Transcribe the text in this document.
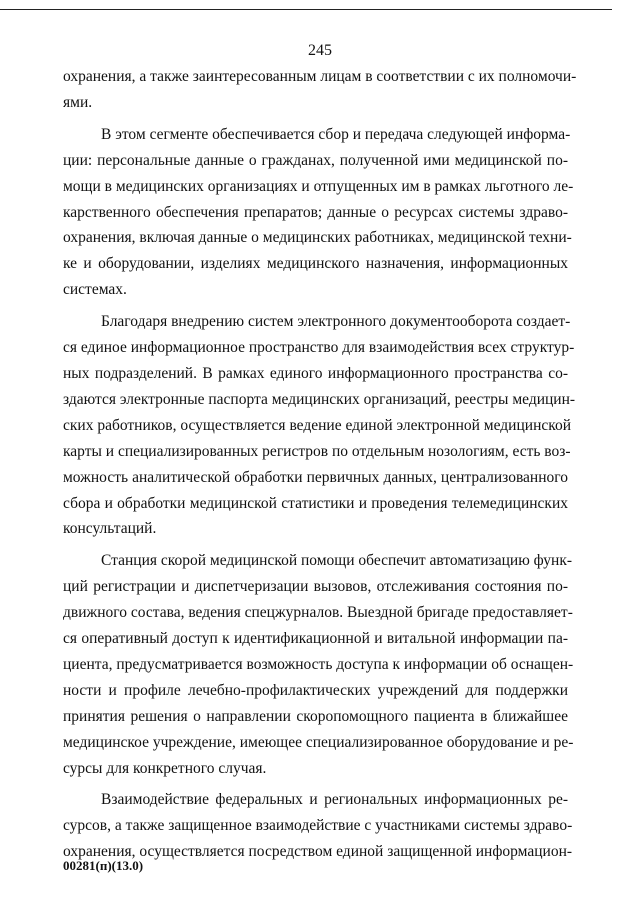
245

охранения, а также заинтересованным лицам в соответствии с их полномочи-
ями.

В этом сегменте обеспечивается сбор и передача следующей информа-
ции: персональные данные о гражданах, полученной ими медицинской по-
мощи в медицинских организациях и отпущенных им в рамках льготного ле-
карственного обеспечения препаратов; данные о ресурсах системы здраво-
охранения, включая данные о медицинских работниках, медицинской техни-
ке и оборудовании, изделиях медицинского назначения, информационных
системах.

Благодаря внедрению систем электронного документооборота создает-
ся единое информационное пространство для взаимодействия всех структур-
ных подразделений. В рамках единого информационного пространства со-
здаются электронные паспорта медицинских организаций, реестры медицин-
ских работников, осуществляется ведение единой электронной медицинской
карты и специализированных регистров по отдельным нозологиям, есть воз-
можность аналитической обработки первичных данных, централизованного
сбора и обработки медицинской статистики и проведения телемедицинских
консультаций.

Станция скорой медицинской помощи обеспечит автоматизацию функ-
ций регистрации и диспетчеризации вызовов, отслеживания состояния по-
движного состава, ведения спецжурналов. Выездной бригаде предоставляет-
ся оперативный доступ к идентификационной и витальной информации па-
циента, предусматривается возможность доступа к информации об оснащен-
ности и профиле лечебно-профилактических учреждений для поддержки
принятия решения о направлении скоропомощного пациента в ближайшее
медицинское учреждение, имеющее специализированное оборудование и ре-
сурсы для конкретного случая.

Взаимодействие федеральных и региональных информационных ре-
сурсов, а также защищенное взаимодействие с участниками системы здраво-
охранения, осуществляется посредством единой защищенной информацион-

00281(п)(13.0)
